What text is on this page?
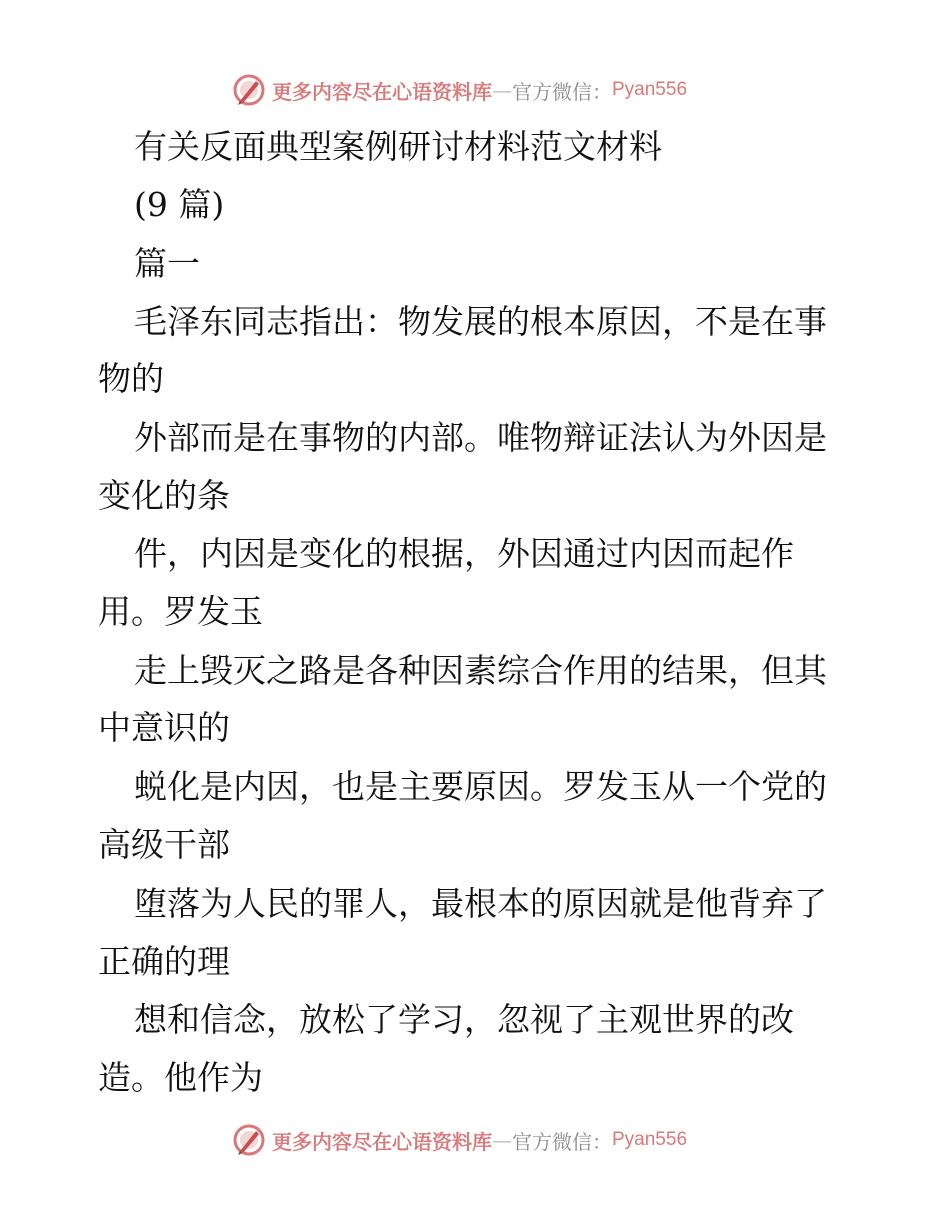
更多内容尽在心语资料库 — 官方微信： Pyan556
有关反面典型案例研讨材料范文材料
(9 篇)
篇一
毛泽东同志指出：物发展的根本原因，不是在事
物的
外部而是在事物的内部。唯物辩证法认为外因是
变化的条
件，内因是变化的根据，外因通过内因而起作
用。罗发玉
走上毁灭之路是各种因素综合作用的结果，但其
中意识的
蜕化是内因，也是主要原因。罗发玉从一个党的
高级干部
堕落为人民的罪人，最根本的原因就是他背弃了
正确的理
想和信念，放松了学习，忽视了主观世界的改
造。他作为
更多内容尽在心语资料库 — 官方微信： Pyan556
